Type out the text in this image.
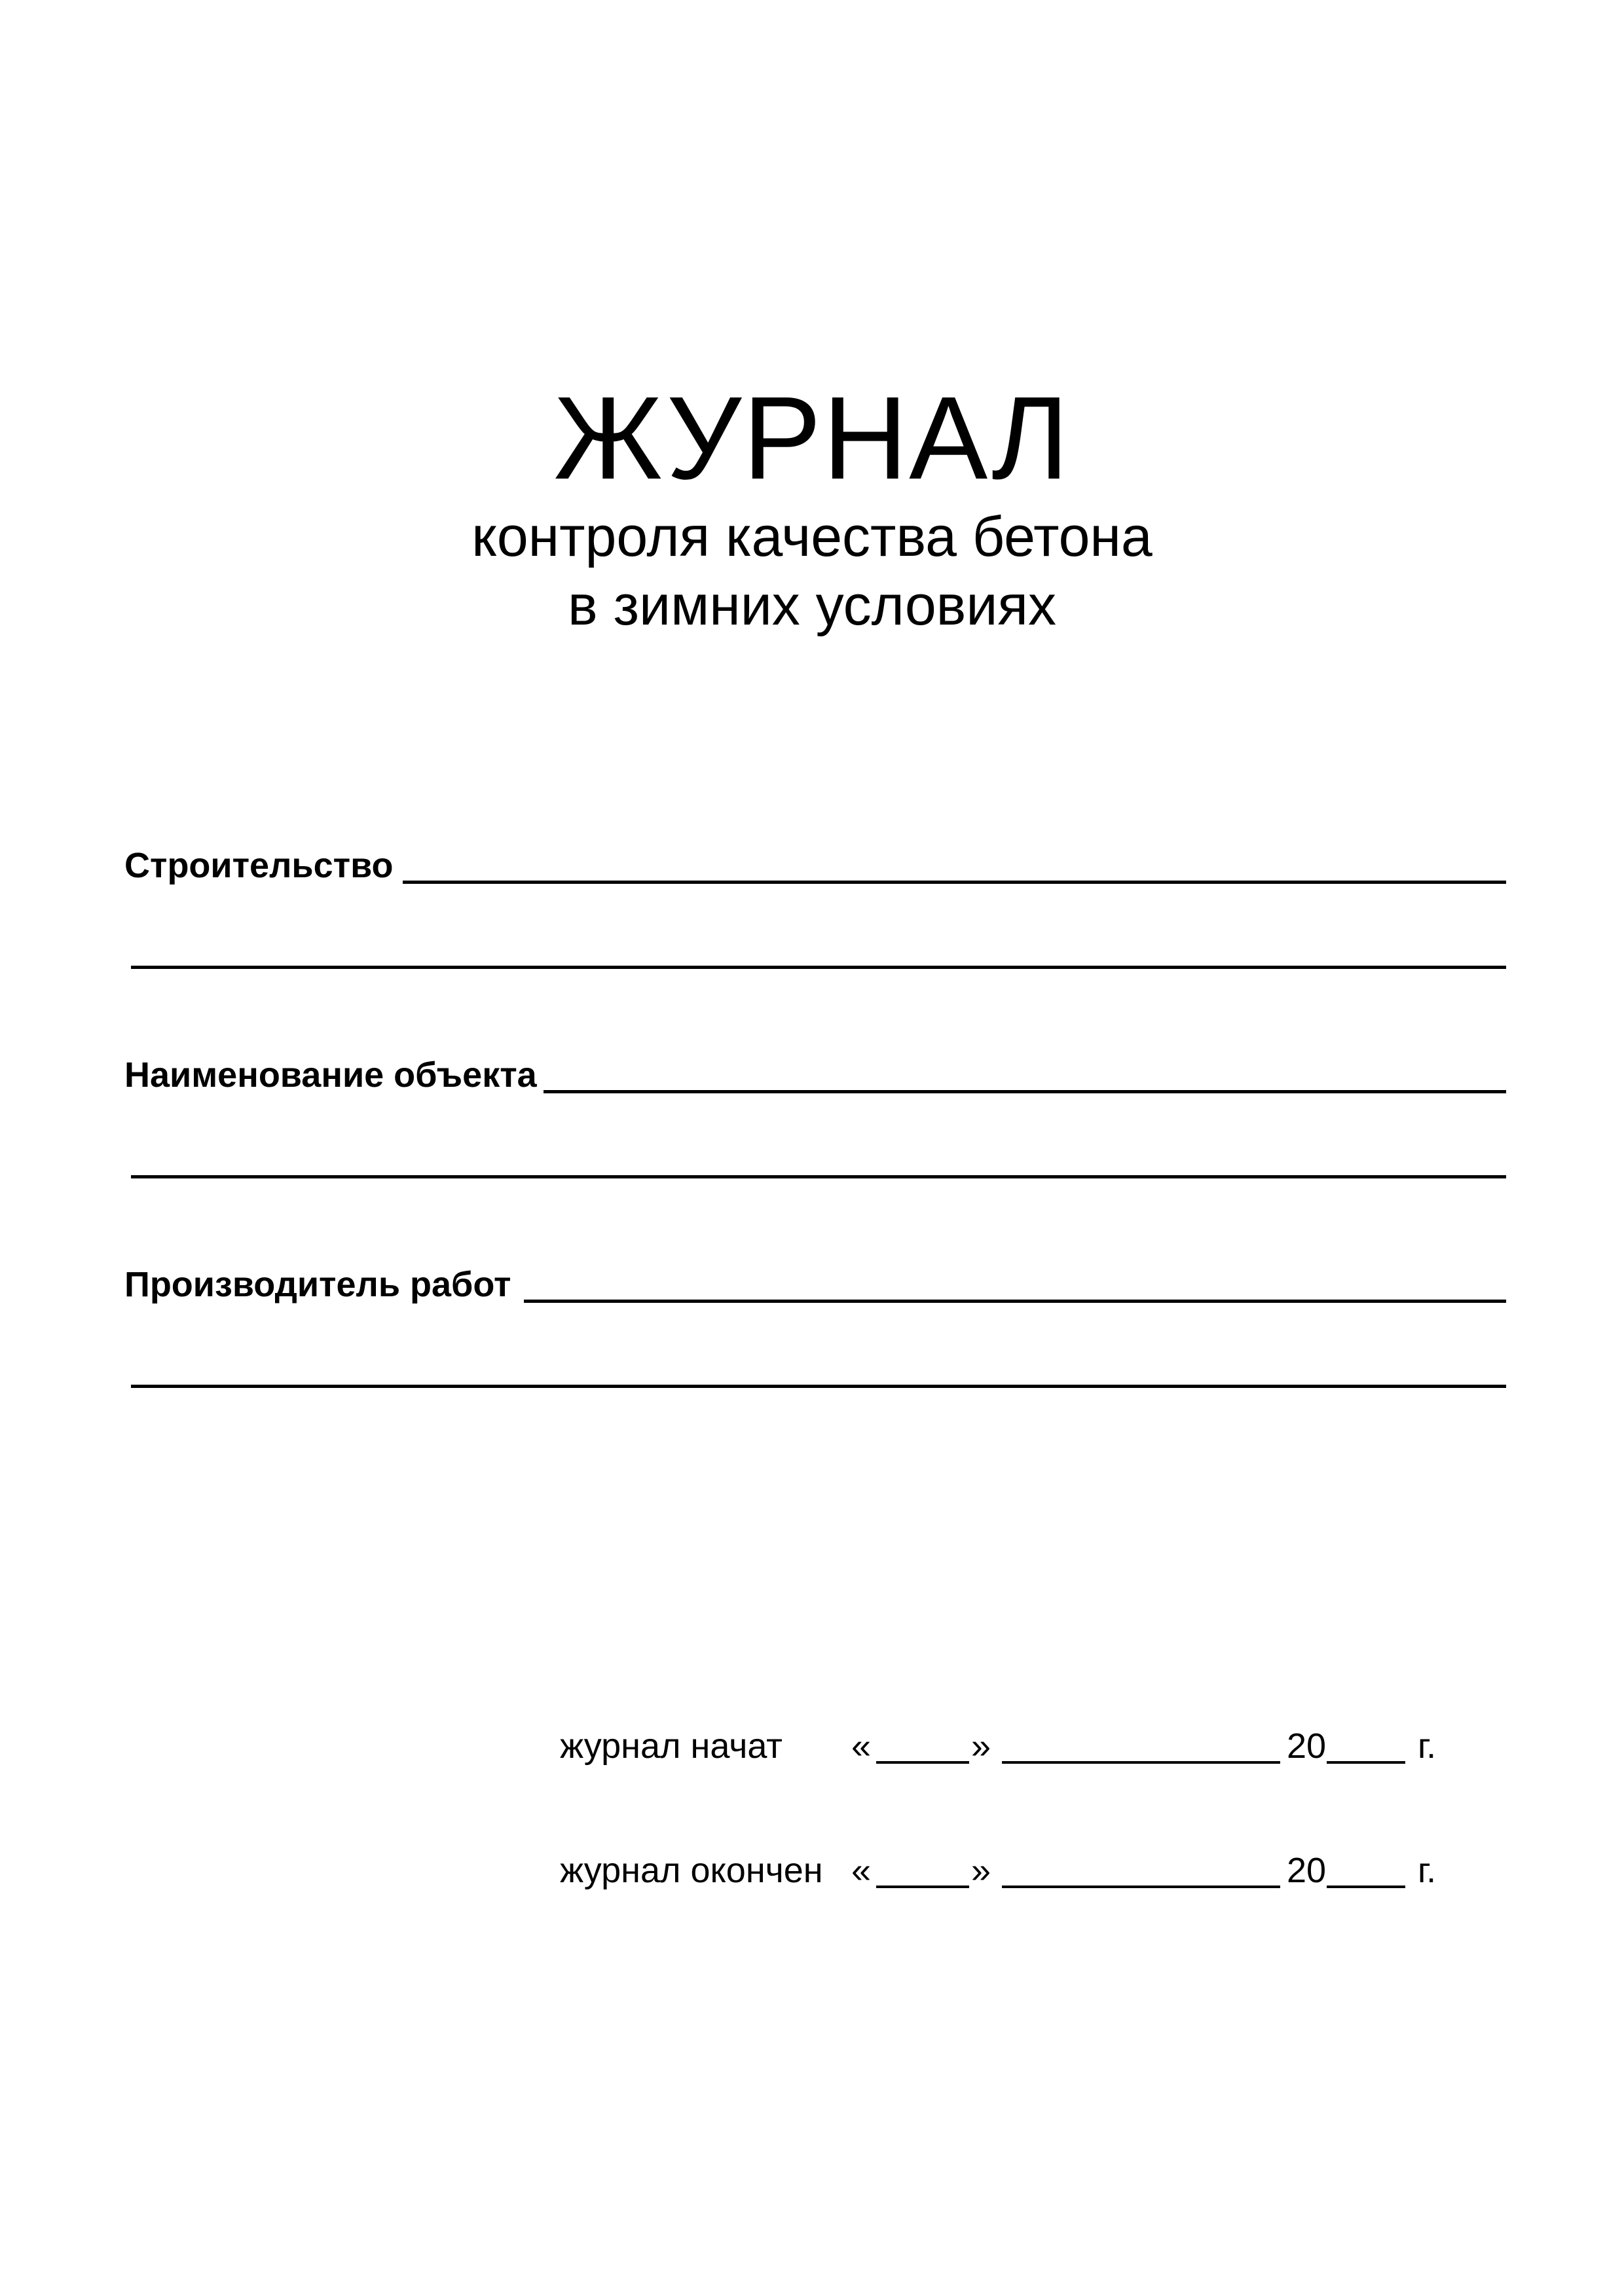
ЖУРНАЛ
контроля качества бетона
в зимних условиях
Строительство
Наименование объекта
Производитель работ
журнал начат «	»	20	г.
журнал окончен «	»	20	г.
